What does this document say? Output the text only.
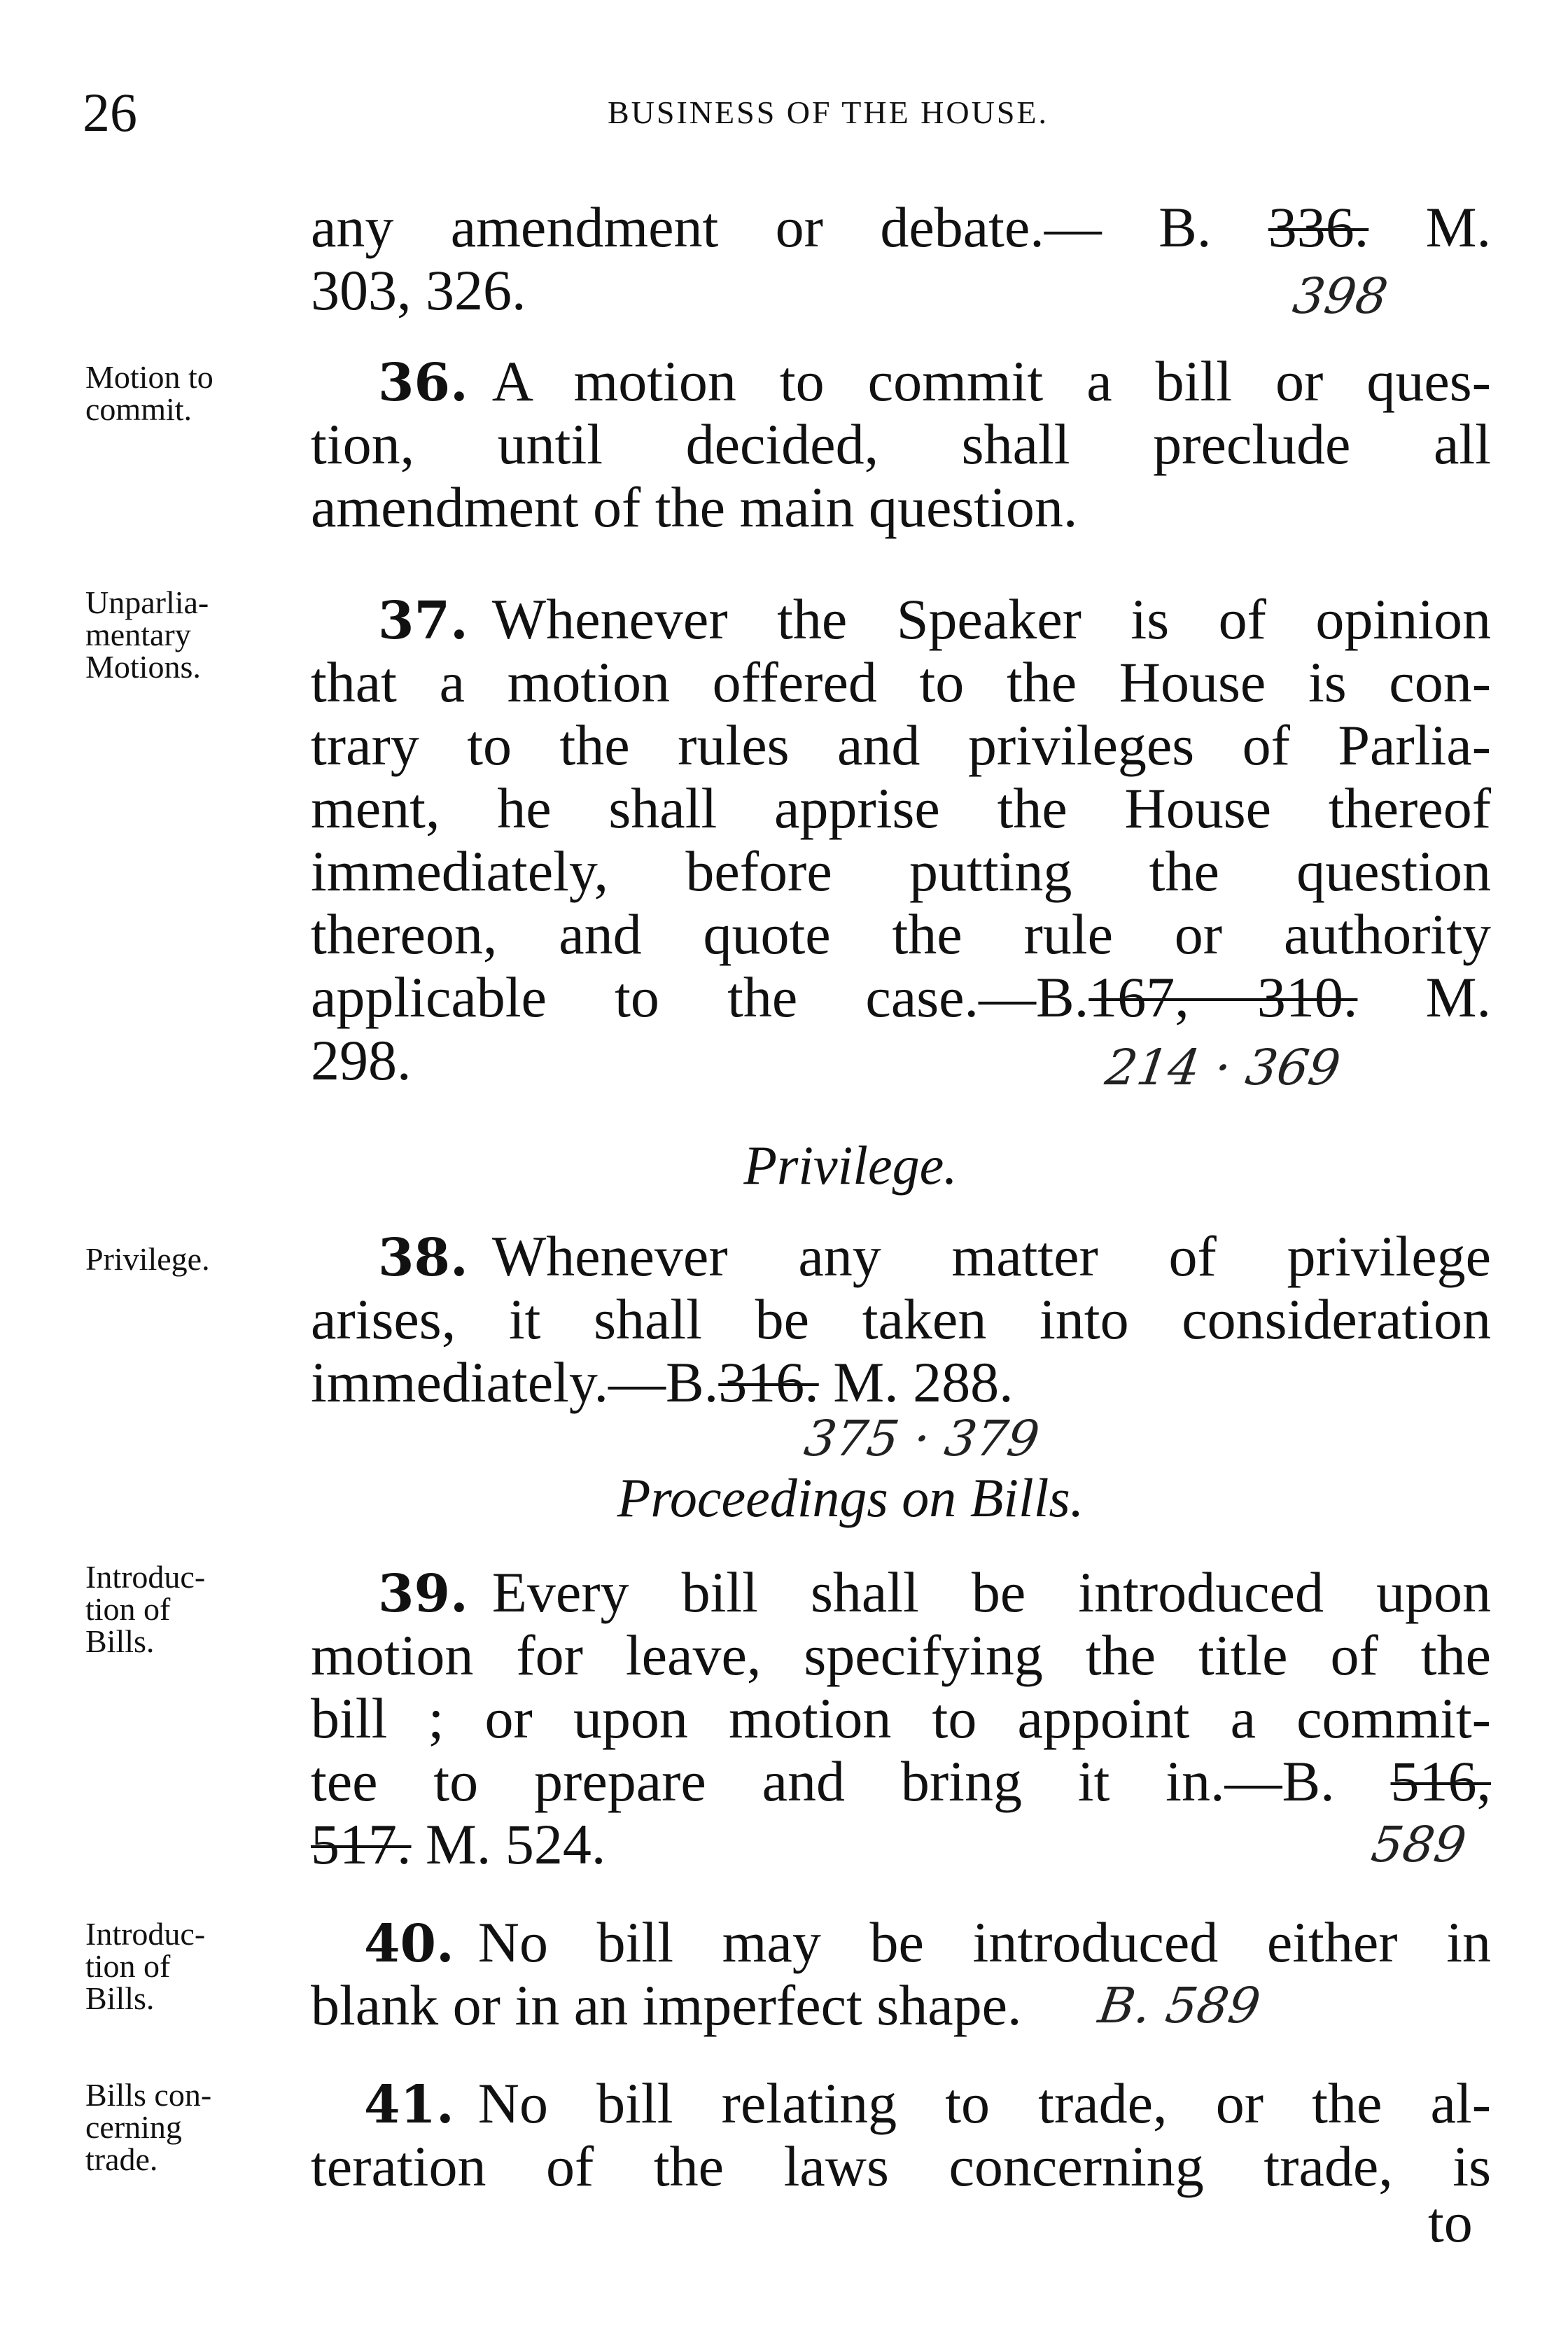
26	BUSINESS OF THE HOUSE.
any amendment or debate.— B. 336. M.
303, 326.	398
Motion to
commit.	36. A motion to commit a bill or ques-
tion, until decided, shall preclude all
amendment of the main question.
Unparlia-
mentary
Motions.
37. Whenever the Speaker is of opinion
that a motion offered to the House is con-
trary to the rules and privileges of Parlia-
ment, he shall apprise the House thereof
immediately, before putting the question
thereon, and quote the rule or authority
applicable to the case.—B.167, 310. M.
298.	214 · 369
Privilege.
Privilege.	38. Whenever any matter of privilege
arises, it shall be taken into consideration
immediately.—B.316. M. 288.
375 · 379
Proceedings on Bills.
Introduc-
tion of
Bills.
39. Every bill shall be introduced upon
motion for leave, specifying the title of the
bill ; or upon motion to appoint a commit-
tee to prepare and bring it in.—B. 516,
517. M. 524.	589
Introduc-
tion of
Bills.
40. No bill may be introduced either in
blank or in an imperfect shape.	B. 589
Bills con-
cerning
trade.
41. No bill relating to trade, or the al-
teration of the laws concerning trade, is
to
